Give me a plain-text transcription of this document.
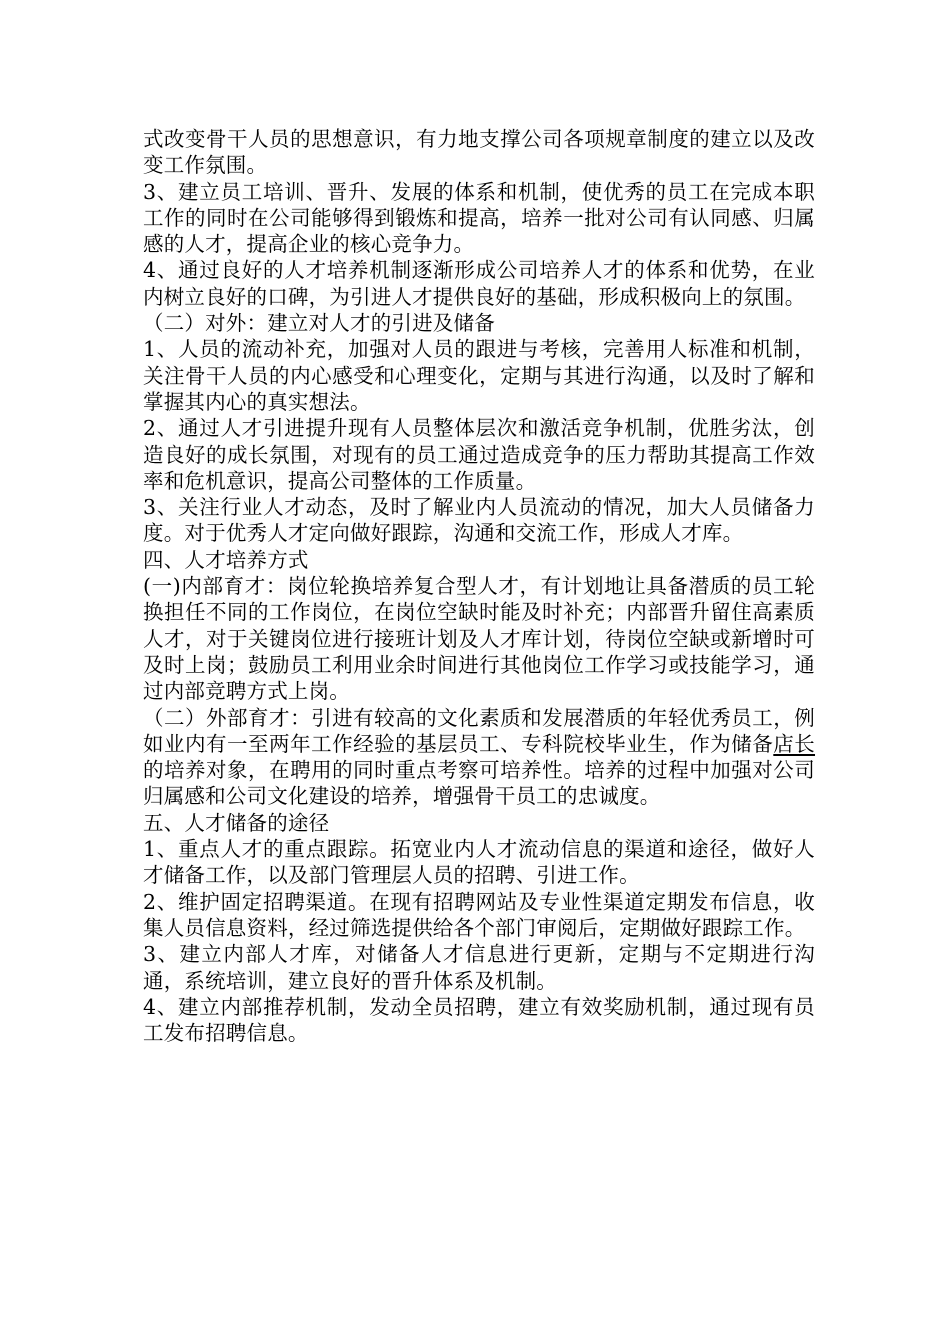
式改变骨干人员的思想意识，有力地支撑公司各项规章制度的建立以及改变工作氛围。

3、建立员工培训、晋升、发展的体系和机制，使优秀的员工在完成本职工作的同时在公司能够得到锻炼和提高，培养一批对公司有认同感、归属感的人才，提高企业的核心竞争力。

4、通过良好的人才培养机制逐渐形成公司培养人才的体系和优势，在业内树立良好的口碑，为引进人才提供良好的基础，形成积极向上的氛围。

（二）对外：建立对人才的引进及储备

1、人员的流动补充，加强对人员的跟进与考核，完善用人标准和机制，关注骨干人员的内心感受和心理变化，定期与其进行沟通，以及时了解和掌握其内心的真实想法。

2、通过人才引进提升现有人员整体层次和激活竞争机制，优胜劣汰，创造良好的成长氛围，对现有的员工通过造成竞争的压力帮助其提高工作效率和危机意识，提高公司整体的工作质量。

3、关注行业人才动态，及时了解业内人员流动的情况，加大人员储备力度。对于优秀人才定向做好跟踪，沟通和交流工作，形成人才库。

四、人才培养方式

(一)内部育才：岗位轮换培养复合型人才，有计划地让具备潜质的员工轮换担任不同的工作岗位，在岗位空缺时能及时补充；内部晋升留住高素质人才，对于关键岗位进行接班计划及人才库计划，待岗位空缺或新增时可及时上岗；鼓励员工利用业余时间进行其他岗位工作学习或技能学习，通过内部竞聘方式上岗。

（二）外部育才：引进有较高的文化素质和发展潜质的年轻优秀员工，例如业内有一至两年工作经验的基层员工、专科院校毕业生，作为储备店长的培养对象，在聘用的同时重点考察可培养性。培养的过程中加强对公司归属感和公司文化建设的培养，增强骨干员工的忠诚度。

五、人才储备的途径

1、重点人才的重点跟踪。拓宽业内人才流动信息的渠道和途径，做好人才储备工作，以及部门管理层人员的招聘、引进工作。

2、维护固定招聘渠道。在现有招聘网站及专业性渠道定期发布信息，收集人员信息资料，经过筛选提供给各个部门审阅后，定期做好跟踪工作。

3、建立内部人才库，对储备人才信息进行更新，定期与不定期进行沟通，系统培训，建立良好的晋升体系及机制。

4、建立内部推荐机制，发动全员招聘，建立有效奖励机制，通过现有员工发布招聘信息。
